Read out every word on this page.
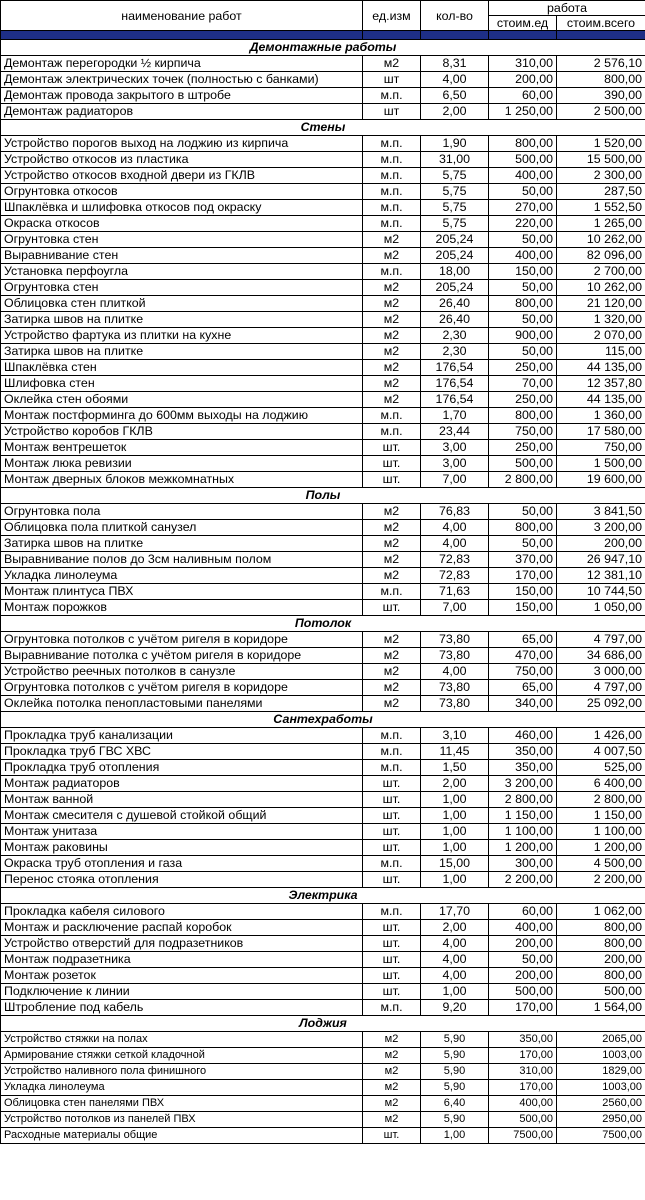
наименование работ	ед.изм	кол-во	работа	
			стоим.ед	стоим.всего

Демонтажные работы				
Демонтаж перегородки ½ кирпича	м2	8,31	310,00	2 576,10
Демонтаж электрических точек (полностью с банками)	шт	4,00	200,00	800,00
Демонтаж провода закрытого в штробе	м.п.	6,50	60,00	390,00
Демонтаж радиаторов	шт	2,00	1 250,00	2 500,00
Стены				
Устройство порогов выход на лоджию из кирпича	м.п.	1,90	800,00	1 520,00
Устройство откосов из пластика	м.п.	31,00	500,00	15 500,00
Устройство откосов входной двери из ГКЛВ	м.п.	5,75	400,00	2 300,00
Огрунтовка откосов	м.п.	5,75	50,00	287,50
Шпаклёвка и шлифовка откосов под окраску	м.п.	5,75	270,00	1 552,50
Окраска откосов	м.п.	5,75	220,00	1 265,00
Огрунтовка стен	м2	205,24	50,00	10 262,00
Выравнивание стен	м2	205,24	400,00	82 096,00
Установка перфоугла	м.п.	18,00	150,00	2 700,00
Огрунтовка стен	м2	205,24	50,00	10 262,00
Облицовка стен плиткой	м2	26,40	800,00	21 120,00
Затирка швов на плитке	м2	26,40	50,00	1 320,00
Устройство фартука из плитки на кухне	м2	2,30	900,00	2 070,00
Затирка швов на плитке	м2	2,30	50,00	115,00
Шпаклёвка стен	м2	176,54	250,00	44 135,00
Шлифовка стен	м2	176,54	70,00	12 357,80
Оклейка стен обоями	м2	176,54	250,00	44 135,00
Монтаж постформинга до 600мм выходы на лоджию	м.п.	1,70	800,00	1 360,00
Устройство коробов ГКЛВ	м.п.	23,44	750,00	17 580,00
Монтаж вентрешеток	шт.	3,00	250,00	750,00
Монтаж люка ревизии	шт.	3,00	500,00	1 500,00
Монтаж дверных блоков межкомнатных	шт.	7,00	2 800,00	19 600,00
Полы				
Огрунтовка пола	м2	76,83	50,00	3 841,50
Облицовка пола плиткой санузел	м2	4,00	800,00	3 200,00
Затирка швов на плитке	м2	4,00	50,00	200,00
Выравнивание полов до 3см наливным полом	м2	72,83	370,00	26 947,10
Укладка линолеума	м2	72,83	170,00	12 381,10
Монтаж плинтуса ПВХ	м.п.	71,63	150,00	10 744,50
Монтаж порожков	шт.	7,00	150,00	1 050,00
Потолок				
Огрунтовка потолков с учётом ригеля в коридоре	м2	73,80	65,00	4 797,00
Выравнивание потолка с учётом ригеля в коридоре	м2	73,80	470,00	34 686,00
Устройство реечных потолков в санузле	м2	4,00	750,00	3 000,00
Огрунтовка потолков с учётом ригеля в коридоре	м2	73,80	65,00	4 797,00
Оклейка потолка пенопластовыми панелями	м2	73,80	340,00	25 092,00
Сантехработы				
Прокладка труб канализации	м.п.	3,10	460,00	1 426,00
Прокладка труб ГВС ХВС	м.п.	11,45	350,00	4 007,50
Прокладка труб отопления	м.п.	1,50	350,00	525,00
Монтаж радиаторов	шт.	2,00	3 200,00	6 400,00
Монтаж ванной	шт.	1,00	2 800,00	2 800,00
Монтаж смесителя с душевой стойкой общий	шт.	1,00	1 150,00	1 150,00
Монтаж унитаза	шт.	1,00	1 100,00	1 100,00
Монтаж раковины	шт.	1,00	1 200,00	1 200,00
Окраска труб отопления и газа	м.п.	15,00	300,00	4 500,00
Перенос стояка отопления	шт.	1,00	2 200,00	2 200,00
Электрика				
Прокладка кабеля силового	м.п.	17,70	60,00	1 062,00
Монтаж и расключение распай коробок	шт.	2,00	400,00	800,00
Устройство отверстий для подразетников	шт.	4,00	200,00	800,00
Монтаж подразетника	шт.	4,00	50,00	200,00
Монтаж розеток	шт.	4,00	200,00	800,00
Подключение к линии	шт.	1,00	500,00	500,00
Штробление под кабель	м.п.	9,20	170,00	1 564,00
Лоджия				
Устройство стяжки на полах	м2	5,90	350,00	2065,00
Армирование стяжки сеткой кладочной	м2	5,90	170,00	1003,00
Устройство наливного пола финишного	м2	5,90	310,00	1829,00
Укладка линолеума	м2	5,90	170,00	1003,00
Облицовка стен панелями ПВХ	м2	6,40	400,00	2560,00
Устройство потолков из панелей ПВХ	м2	5,90	500,00	2950,00
Расходные материалы общие	шт.	1,00	7500,00	7500,00
